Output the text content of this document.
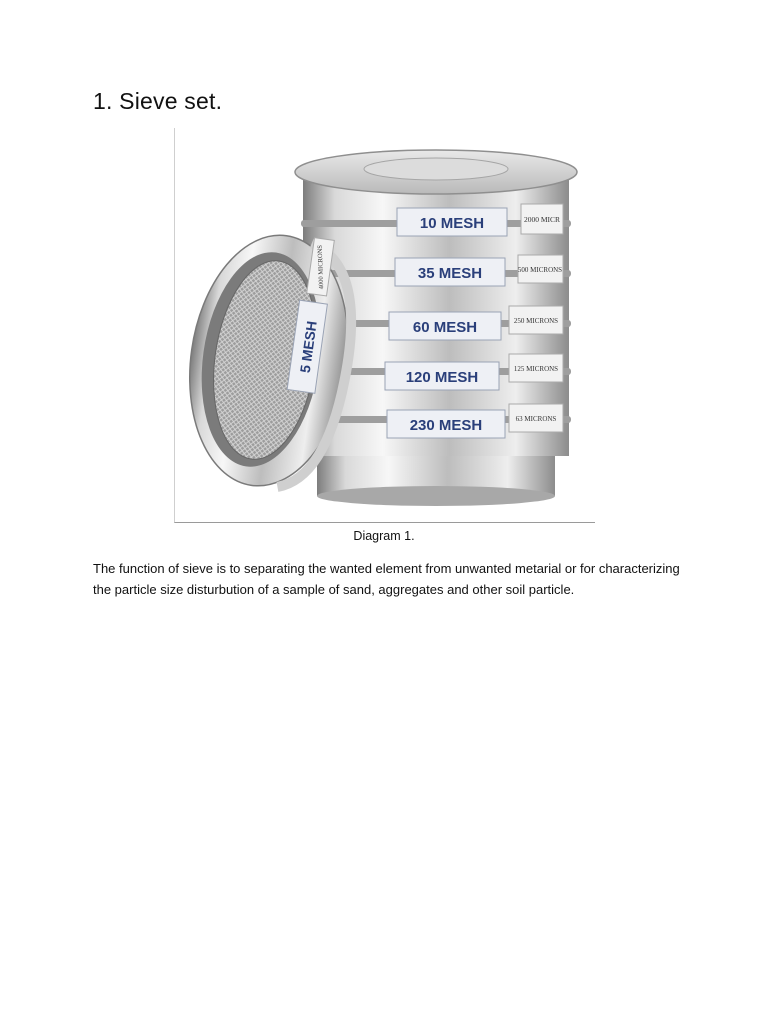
1. Sieve set.
10 MESH	2000 MICR
35 MESH	500 MICRONS
60 MESH	250 MICRONS
120 MESH	125 MICRONS
230 MESH	63 MICRONS
5 MESH
4000 MICRONS
Diagram 1.

The function of sieve is to separating the wanted element from unwanted metarial or for characterizing the particle size disturbution of a sample of sand, aggregates and other soil particle.
